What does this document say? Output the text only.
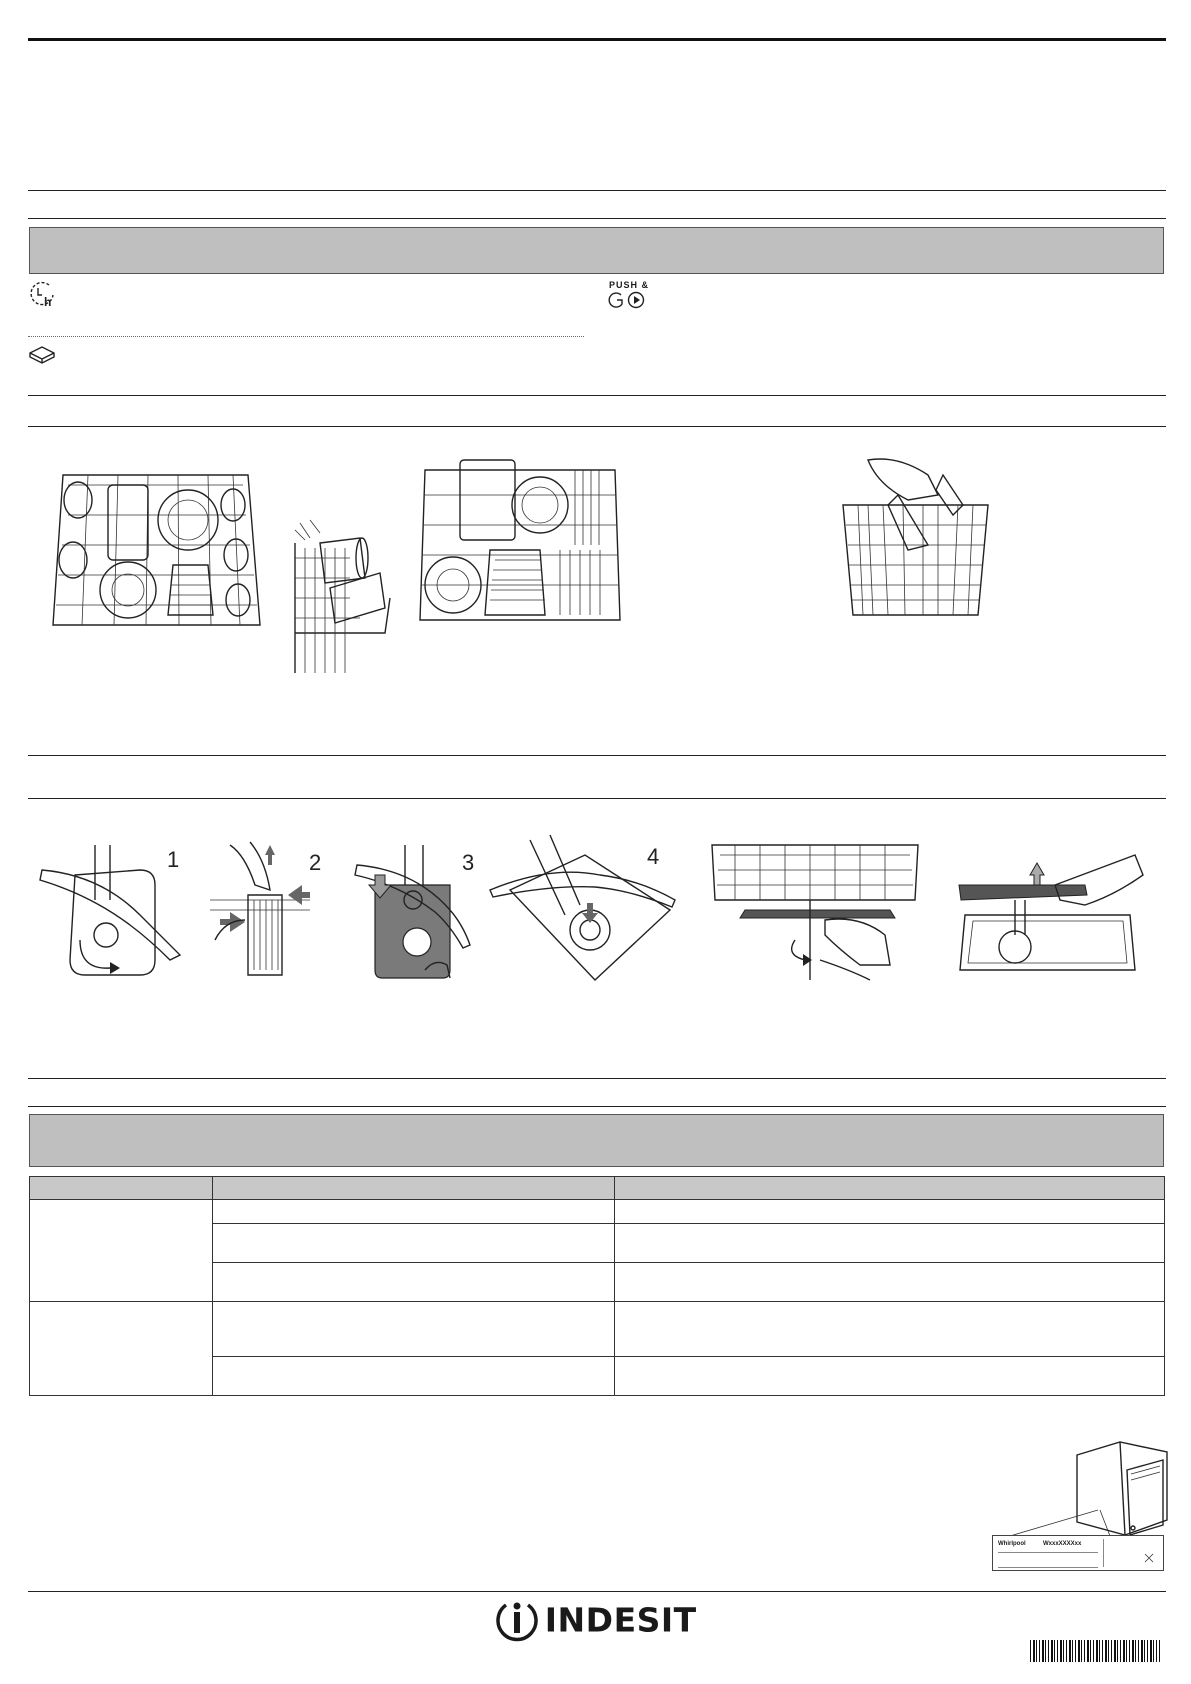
h
PUSH &
1	2	3	4

Whirlpool	WxxxXXXXxx
INDESIT
